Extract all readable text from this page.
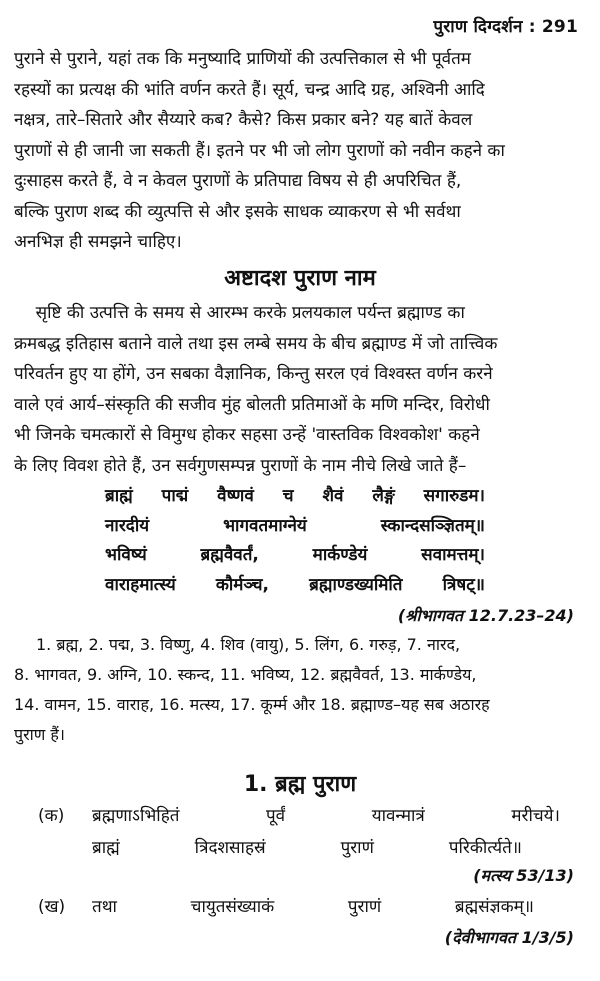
पुराण दिग्दर्शन : 291

पुराने से पुराने, यहां तक कि मनुष्यादि प्राणियों की उत्पत्तिकाल से भी पूर्वतम

रहस्यों का प्रत्यक्ष की भांति वर्णन करते हैं। सूर्य, चन्द्र आदि ग्रह, अश्विनी आदि

नक्षत्र, तारे–सितारे और सैय्यारे कब? कैसे? किस प्रकार बने? यह बातें केवल

पुराणों से ही जानी जा सकती हैं। इतने पर भी जो लोग पुराणों को नवीन कहने का

दुःसाहस करते हैं, वे न केवल पुराणों के प्रतिपाद्य विषय से ही अपरिचित हैं,

बल्कि पुराण शब्द की व्युत्पत्ति से और इसके साधक व्याकरण से भी सर्वथा

अनभिज्ञ ही समझने चाहिए।

अष्टादश पुराण नाम

सृष्टि की उत्पत्ति के समय से आरम्भ करके प्रलयकाल पर्यन्त ब्रह्माण्ड का

क्रमबद्ध इतिहास बताने वाले तथा इस लम्बे समय के बीच ब्रह्माण्ड में जो तात्त्विक

परिवर्तन हुए या होंगे, उन सबका वैज्ञानिक, किन्तु सरल एवं विश्वस्त वर्णन करने

वाले एवं आर्य–संस्कृति की सजीव मुंह बोलती प्रतिमाओं के मणि मन्दिर, विरोधी

भी जिनके चमत्कारों से विमुग्ध होकर सहसा उन्हें 'वास्तविक विश्वकोश' कहने

के लिए विवश होते हैं, उन सर्वगुणसम्पन्न पुराणों के नाम नीचे लिखे जाते हैं–

ब्राह्मं पाद्मं वैष्णवं च शैवं लैङ्गं सगारुडम।

नारदीयं भागवतमाग्नेयं स्कान्दसञ्ज्ञितम्॥

भविष्यं ब्रह्मवैवर्तं, मार्कण्डेयं सवामत्तम्।

वाराहमात्स्यं कौर्मञ्च, ब्रह्माण्डख्यमिति त्रिषट्॥

(श्रीभागवत 12.7.23–24)

1. ब्रह्म, 2. पद्म, 3. विष्णु, 4. शिव (वायु), 5. लिंग, 6. गरुड़, 7. नारद,

8. भागवत, 9. अग्नि, 10. स्कन्द, 11. भविष्य, 12. ब्रह्मवैवर्त, 13. मार्कण्डेय,

14. वामन, 15. वाराह, 16. मत्स्य, 17. कूर्म्म और 18. ब्रह्माण्ड–यह सब अठारह

पुराण हैं।

1. ब्रह्म पुराण
(क)	ब्रह्मणाऽभिहितं	पूर्वं	यावन्मात्रं	मरीचये।
ब्राह्मं	त्रिदशसाहस्रं	पुराणं	परिकीर्त्यते॥
(मत्स्य 53/13)
(ख)	तथा	चायुतसंख्याकं	पुराणं	ब्रह्मसंज्ञकम्॥
(देवीभागवत 1/3/5)
